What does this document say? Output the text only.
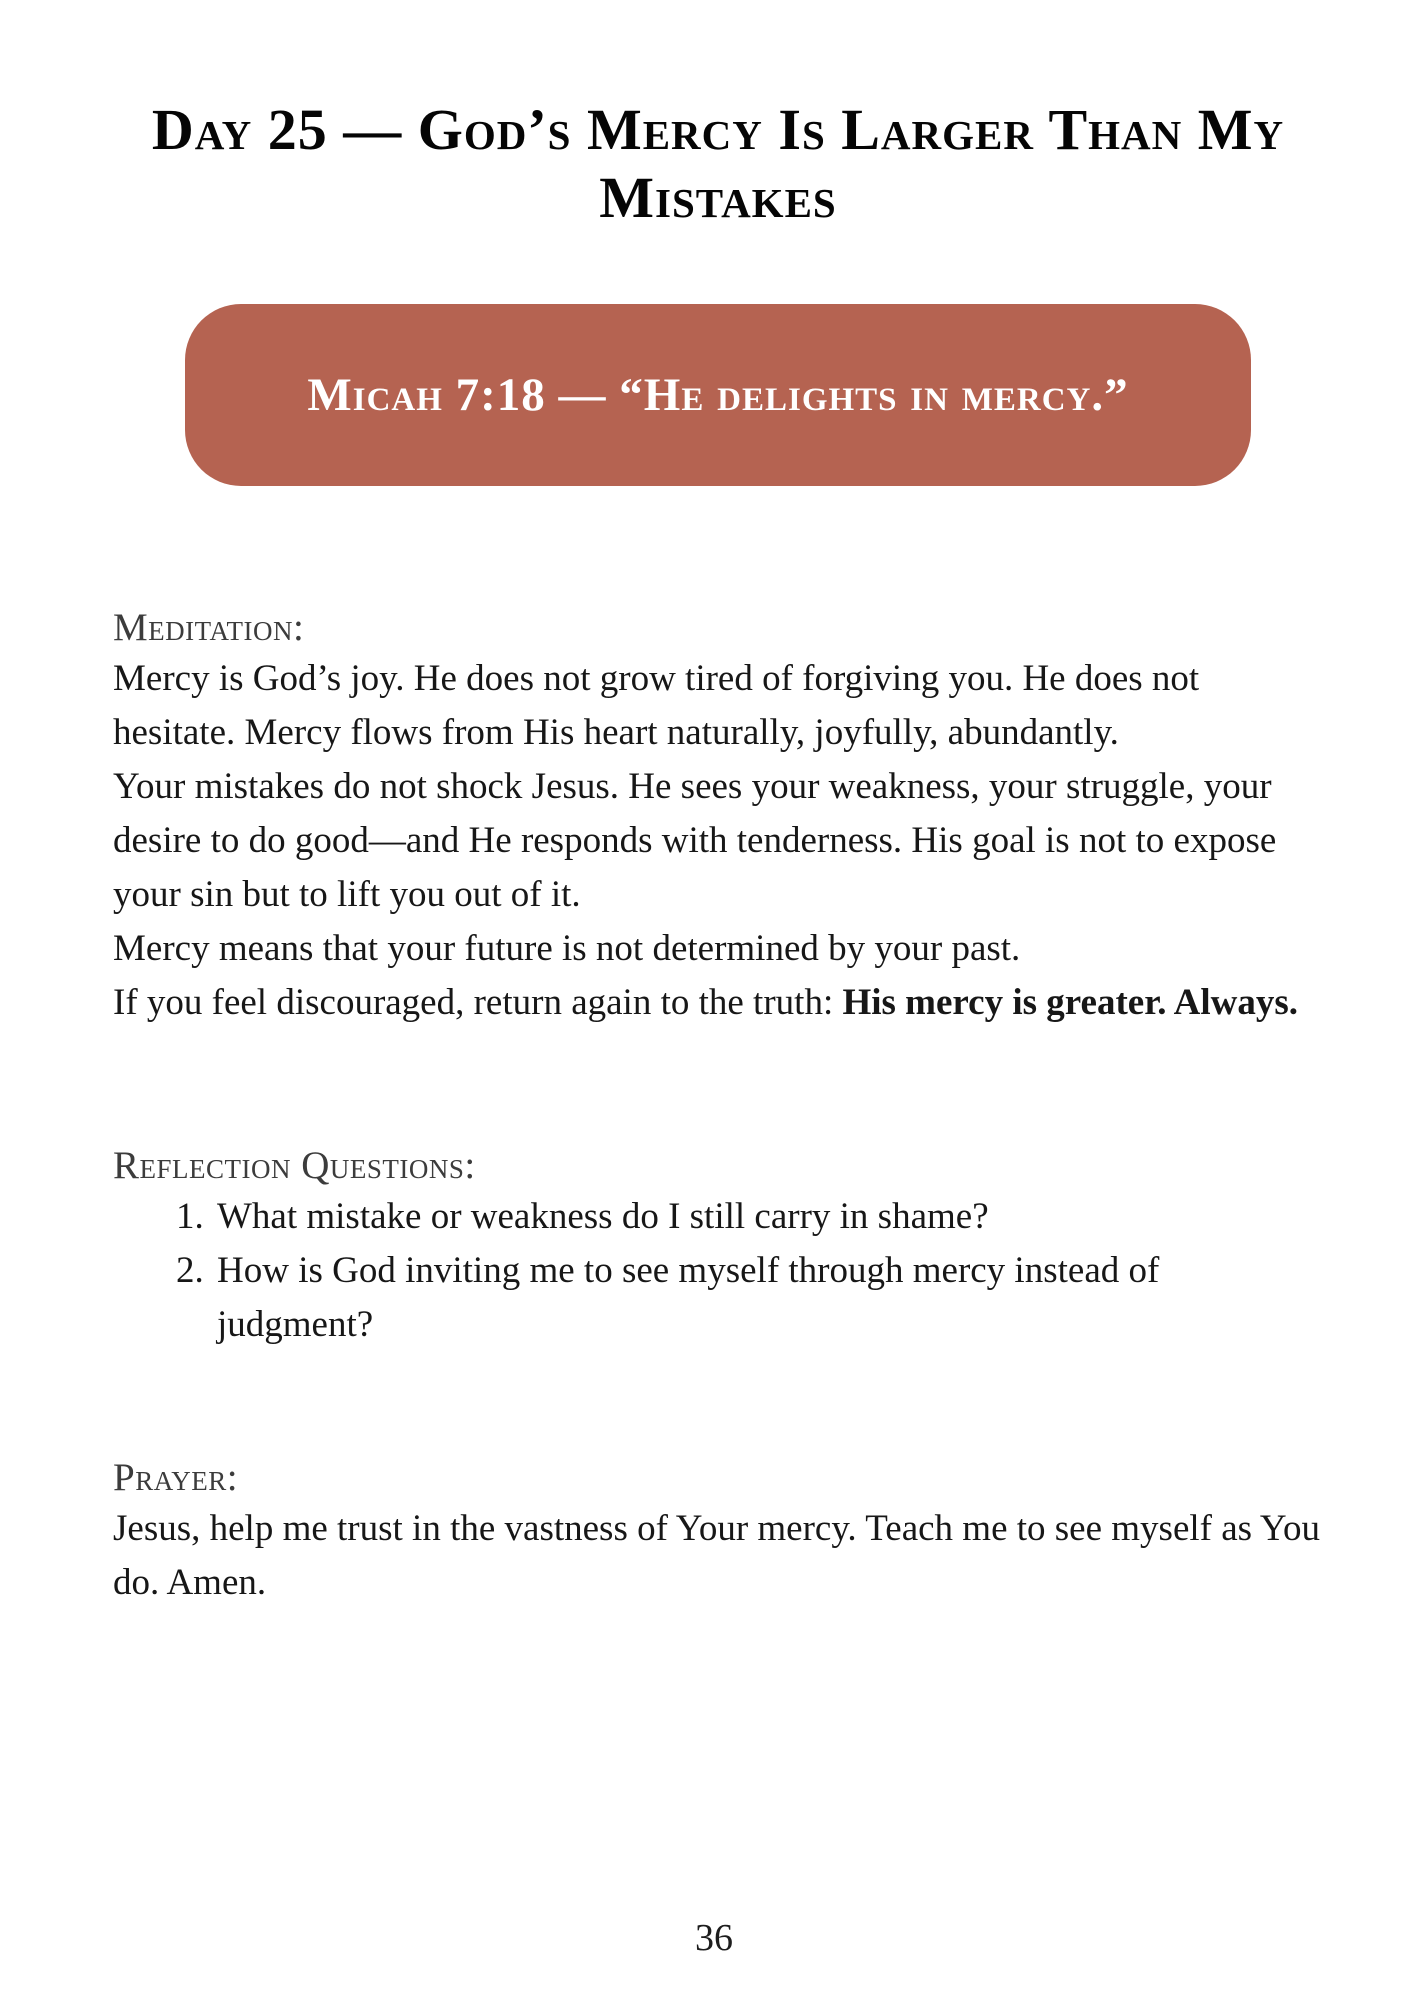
Day 25 — God’s Mercy Is Larger Than My Mistakes
Micah 7:18 — “He delights in mercy.”
Meditation:

Mercy is God’s joy. He does not grow tired of forgiving you. He does not hesitate. Mercy flows from His heart naturally, joyfully, abundantly.

Your mistakes do not shock Jesus. He sees your weakness, your struggle, your desire to do good—and He responds with tenderness. His goal is not to expose your sin but to lift you out of it.

Mercy means that your future is not determined by your past.

If you feel discouraged, return again to the truth: His mercy is greater. Always.

Reflection Questions:
1. What mistake or weakness do I still carry in shame?
2. How is God inviting me to see myself through mercy instead of judgment?
Prayer:

Jesus, help me trust in the vastness of Your mercy. Teach me to see myself as You do. Amen.

36
